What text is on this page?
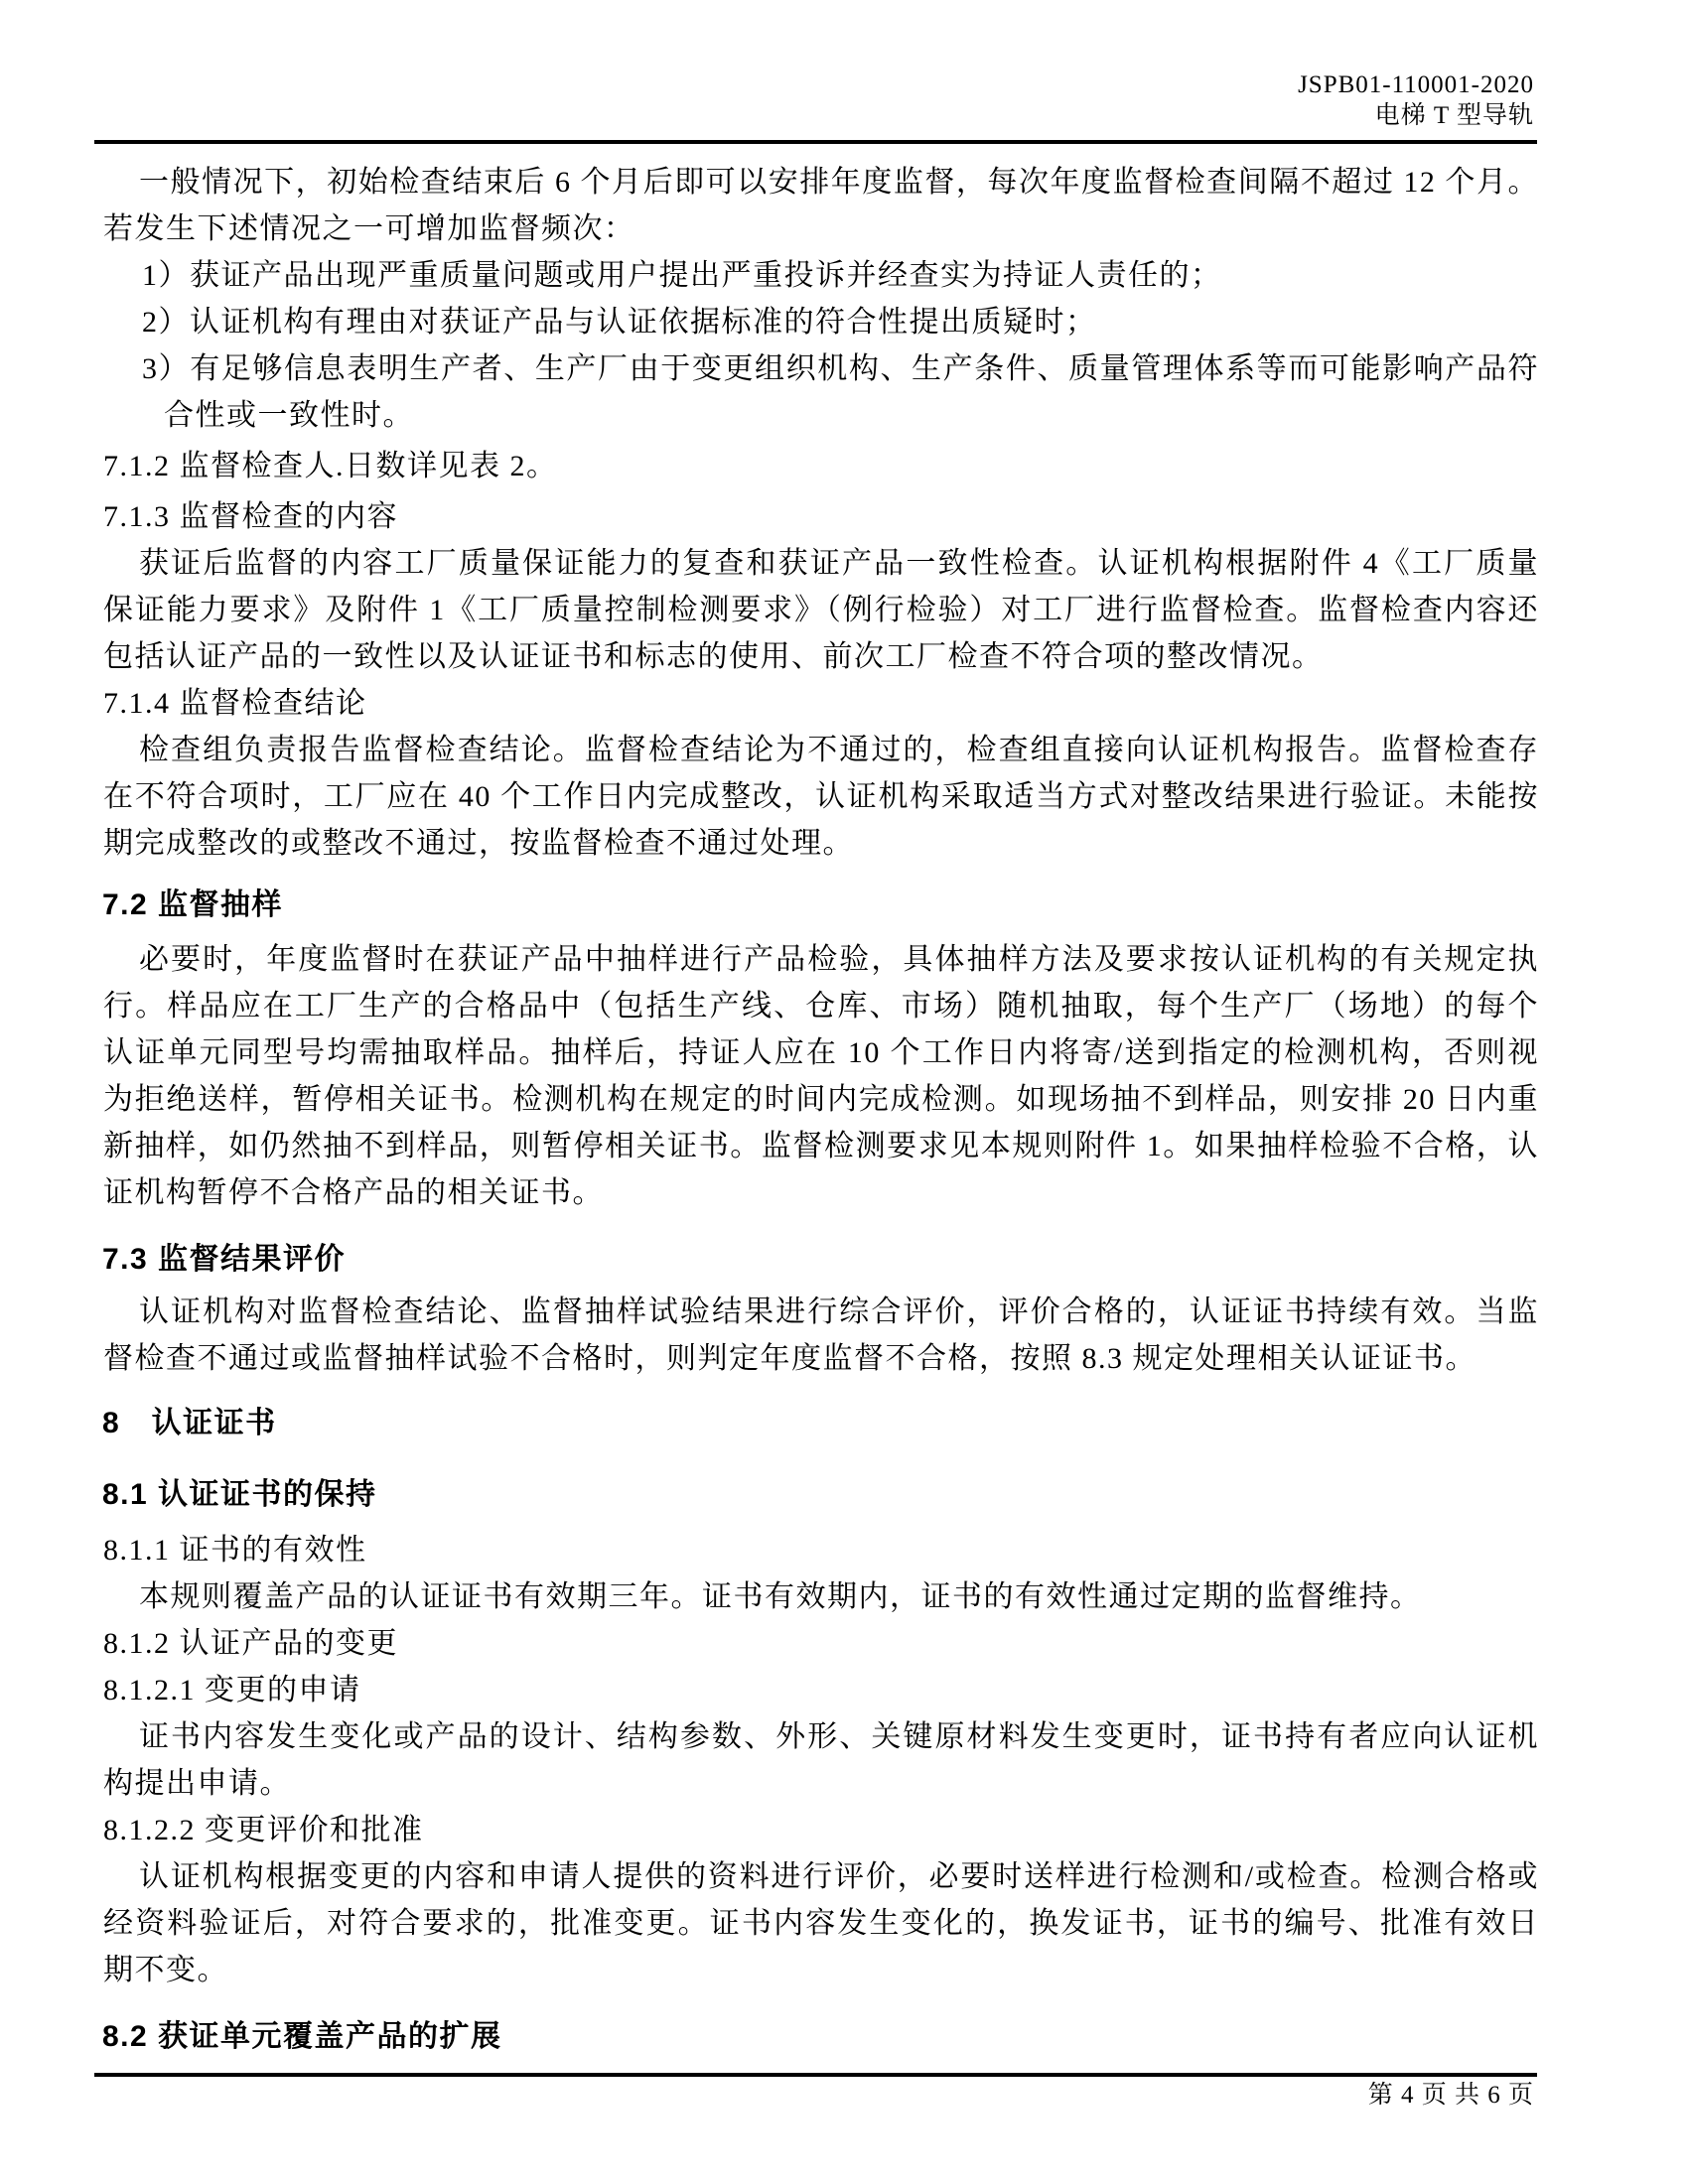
JSPB01-110001-2020
电梯 T 型导轨

一般情况下，初始检查结束后 6 个月后即可以安排年度监督，每次年度监督检查间隔不超过 12 个月。若发生下述情况之一可增加监督频次：

1）获证产品出现严重质量问题或用户提出严重投诉并经查实为持证人责任的；

2）认证机构有理由对获证产品与认证依据标准的符合性提出质疑时；

3）有足够信息表明生产者、生产厂由于变更组织机构、生产条件、质量管理体系等而可能影响产品符合性或一致性时。

7.1.2 监督检查人.日数详见表 2。

7.1.3 监督检查的内容

获证后监督的内容工厂质量保证能力的复查和获证产品一致性检查。认证机构根据附件 4《工厂质量保证能力要求》及附件 1《工厂质量控制检测要求》（例行检验）对工厂进行监督检查。监督检查内容还包括认证产品的一致性以及认证证书和标志的使用、前次工厂检查不符合项的整改情况。

7.1.4 监督检查结论

检查组负责报告监督检查结论。监督检查结论为不通过的，检查组直接向认证机构报告。监督检查存在不符合项时，工厂应在 40 个工作日内完成整改，认证机构采取适当方式对整改结果进行验证。未能按期完成整改的或整改不通过，按监督检查不通过处理。

7.2 监督抽样

必要时，年度监督时在获证产品中抽样进行产品检验，具体抽样方法及要求按认证机构的有关规定执行。样品应在工厂生产的合格品中（包括生产线、仓库、市场）随机抽取，每个生产厂（场地）的每个认证单元同型号均需抽取样品。抽样后，持证人应在 10 个工作日内将寄/送到指定的检测机构，否则视为拒绝送样，暂停相关证书。检测机构在规定的时间内完成检测。如现场抽不到样品，则安排 20 日内重新抽样，如仍然抽不到样品，则暂停相关证书。监督检测要求见本规则附件 1。如果抽样检验不合格，认证机构暂停不合格产品的相关证书。

7.3 监督结果评价

认证机构对监督检查结论、监督抽样试验结果进行综合评价，评价合格的，认证证书持续有效。当监督检查不通过或监督抽样试验不合格时，则判定年度监督不合格，按照 8.3 规定处理相关认证证书。

8　认证证书

8.1 认证证书的保持

8.1.1 证书的有效性

本规则覆盖产品的认证证书有效期三年。证书有效期内，证书的有效性通过定期的监督维持。

8.1.2 认证产品的变更

8.1.2.1 变更的申请

证书内容发生变化或产品的设计、结构参数、外形、关键原材料发生变更时，证书持有者应向认证机构提出申请。

8.1.2.2 变更评价和批准

认证机构根据变更的内容和申请人提供的资料进行评价，必要时送样进行检测和/或检查。检测合格或经资料验证后，对符合要求的，批准变更。证书内容发生变化的，换发证书，证书的编号、批准有效日期不变。

8.2 获证单元覆盖产品的扩展

第 4 页 共 6 页
